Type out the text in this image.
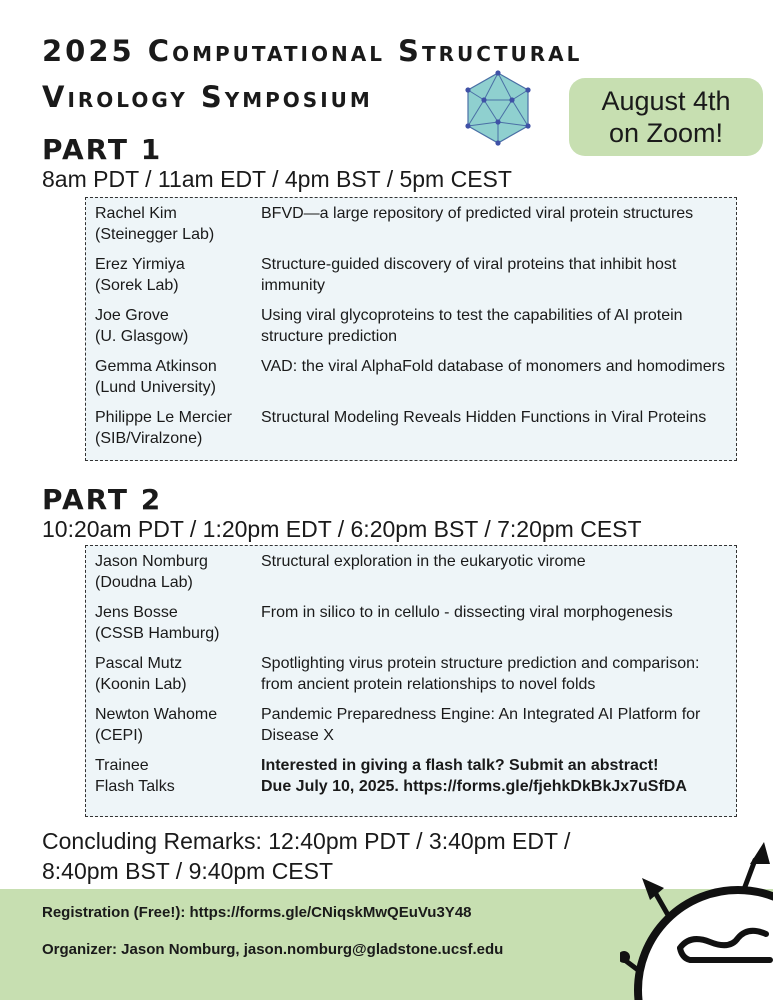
2025 Computational Structural
Virology Symposium	August 4th
on Zoom!
PART 1
8am PDT / 11am EDT / 4pm BST / 5pm CEST
Rachel Kim
(Steinegger Lab)
BFVD—a large repository of predicted viral protein structures
Erez Yirmiya
(Sorek Lab)
Structure-guided discovery of viral proteins that inhibit host immunity
Joe Grove
(U. Glasgow)
Using viral glycoproteins to test the capabilities of AI protein structure prediction
Gemma Atkinson
(Lund University)
VAD: the viral AlphaFold database of monomers and homodimers
Philippe Le Mercier
(SIB/Viralzone)
Structural Modeling Reveals Hidden Functions in Viral Proteins
PART 2
10:20am PDT / 1:20pm EDT / 6:20pm BST / 7:20pm CEST
Jason Nomburg
(Doudna Lab)
Structural exploration in the eukaryotic virome
Jens Bosse
(CSSB Hamburg)
From in silico to in cellulo - dissecting viral morphogenesis
Pascal Mutz
(Koonin Lab)
Spotlighting virus protein structure prediction and comparison: from ancient protein relationships to novel folds
Newton Wahome
(CEPI)
Pandemic Preparedness Engine: An Integrated AI Platform for Disease X
Trainee
Flash Talks
Interested in giving a flash talk? Submit an abstract!
Due July 10, 2025. https://forms.gle/fjehkDkBkJx7uSfDA
Concluding Remarks: 12:40pm PDT / 3:40pm EDT /
8:40pm BST / 9:40pm CEST
Registration (Free!): https://forms.gle/CNiqskMwQEuVu3Y48
Organizer: Jason Nomburg, jason.nomburg@gladstone.ucsf.edu
